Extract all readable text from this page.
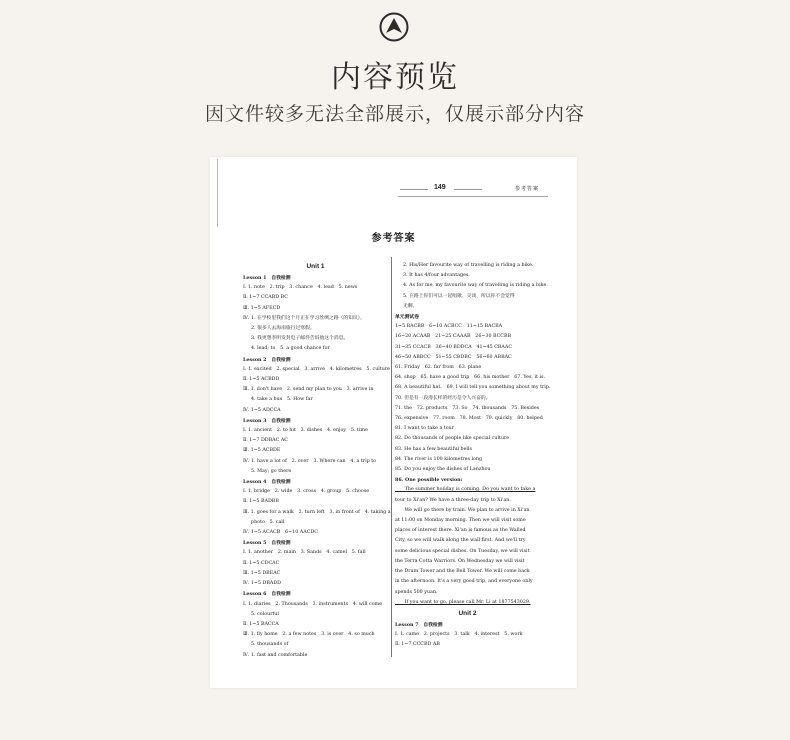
内容预览
因文件较多无法全部展示，仅展示部分内容
149	参考答案
参考答案
Unit 1
Lesson 1　自我检测
Ⅰ. 1. note　2. trip　3. chance　4. lead　5. news
Ⅱ. 1~7 CCABD BC
Ⅲ. 1~5 AFECD
Ⅳ. 1. 在学校里我们这个月正在学习丝绸之路（的知识）。
2. 很多人去海南旅行过寒假。
3. 我更想李明发封电子邮件告诉他这个消息。
4. lead; to　5. a good chance for
Lesson 2　自我检测
Ⅰ. 1. excited　2. special　3. arrive　4. kilometres　5. culture
Ⅱ. 1~5 ACBDD
Ⅲ. 1. don't have　2. send my plan to you　3. arrive in
4. take a bus　5. How far
Ⅳ. 1~5 ADCCA
Lesson 3　自我检测
Ⅰ. 1. ancient　2. to hit　3. dishes　4. enjoy　5. time
Ⅱ. 1~7 DDBAC AC
Ⅲ. 1~5 ACBDE
Ⅳ. 1. have a lot of　2. over　3. Where can　4. a trip to
5. May; go there
Lesson 4　自我检测
Ⅰ. 1. bridge　2. wide　3. cross　4. group　5. choose
Ⅱ. 1~5 BADBB
Ⅲ. 1. goes for a walk　2. turn left　3. in front of　4. taking a
photo　5. call
Ⅳ. 1~5 ACACB　6~10 AACDC
Lesson 5　自我检测
Ⅰ. 1. another　2. main　3. Sands　4. camel　5. fall
Ⅱ. 1~5 CDCAC
Ⅲ. 1~5 DBEAC
Ⅳ. 1~5 DBADD
Lesson 6　自我检测
Ⅰ. 1. diaries　2. Thousands　3. instruments　4. will come
5. colourful
Ⅱ. 1~5 BACCA
Ⅲ. 1. fly home　2. a few notes　3. is over　4. so much
5. thousands of
Ⅳ. 1. fast and comfortable
2. His/Her favourite way of travelling is riding a bike.
3. It has 4/four advantages.
4. As for me, my favourite way of travelling is riding a bike.
5. 在路上你们可以一起唱歌、交谈，所以你不会觉得
无聊。
单元测试卷
1~5 BACBB　6~10 ACBCC　11~15 BACBA
16~20 ACAAB　21~25 CAAAB　26~30 BCCBB
31~35 CCACB　36~40 BDDCA　41~45 CBAAC
46~50 ABBCC　51~55 CBDBC　56~60 ABBAC
61. Friday　62. far from　63. plane
64. shop　65. have a good trip　66. his mother　67. Yes, it is.
68. A beautiful hat.　69. I will tell you something about my trip.
70. 但是有一段漫长样的经历是令人兴奋的。
71. the　72. products　73. So　74. thousands　75. Besides
76. expensive　77. room　78. Most　79. quickly　80. helped
81. I want to take a tour
82. Do thousands of people like special culture
83. He has a few beautiful bells
84. The river is 100 kilometres long
85. Do you enjoy the dishes of Lanzhou
86. One possible version:
　　The summer holiday is coming. Do you want to take a
tour to Xi'an? We have a three-day trip to Xi'an.
　　We will go there by train. We plan to arrive in Xi'an
at 11:00 on Monday morning. Then we will visit some
places of interest there. Xi'an is famous as the Walled
City, so we will walk along the wall first. And we'll try
some delicious special dishes. On Tuesday, we will visit
the Terra Cotta Warriors. On Wednesday we will visit
the Drum Tower and the Bell Tower. We will come back
in the afternoon. It's a very good trip, and everyone only
spends 500 yuan.
　　If you want to go, please call Mr. Li at 1877543029.
Unit 2
Lesson 7　自我检测
Ⅰ. 1. came　2. projects　3. talk　4. interest　5. work
Ⅱ. 1~7 CCCBD AB
